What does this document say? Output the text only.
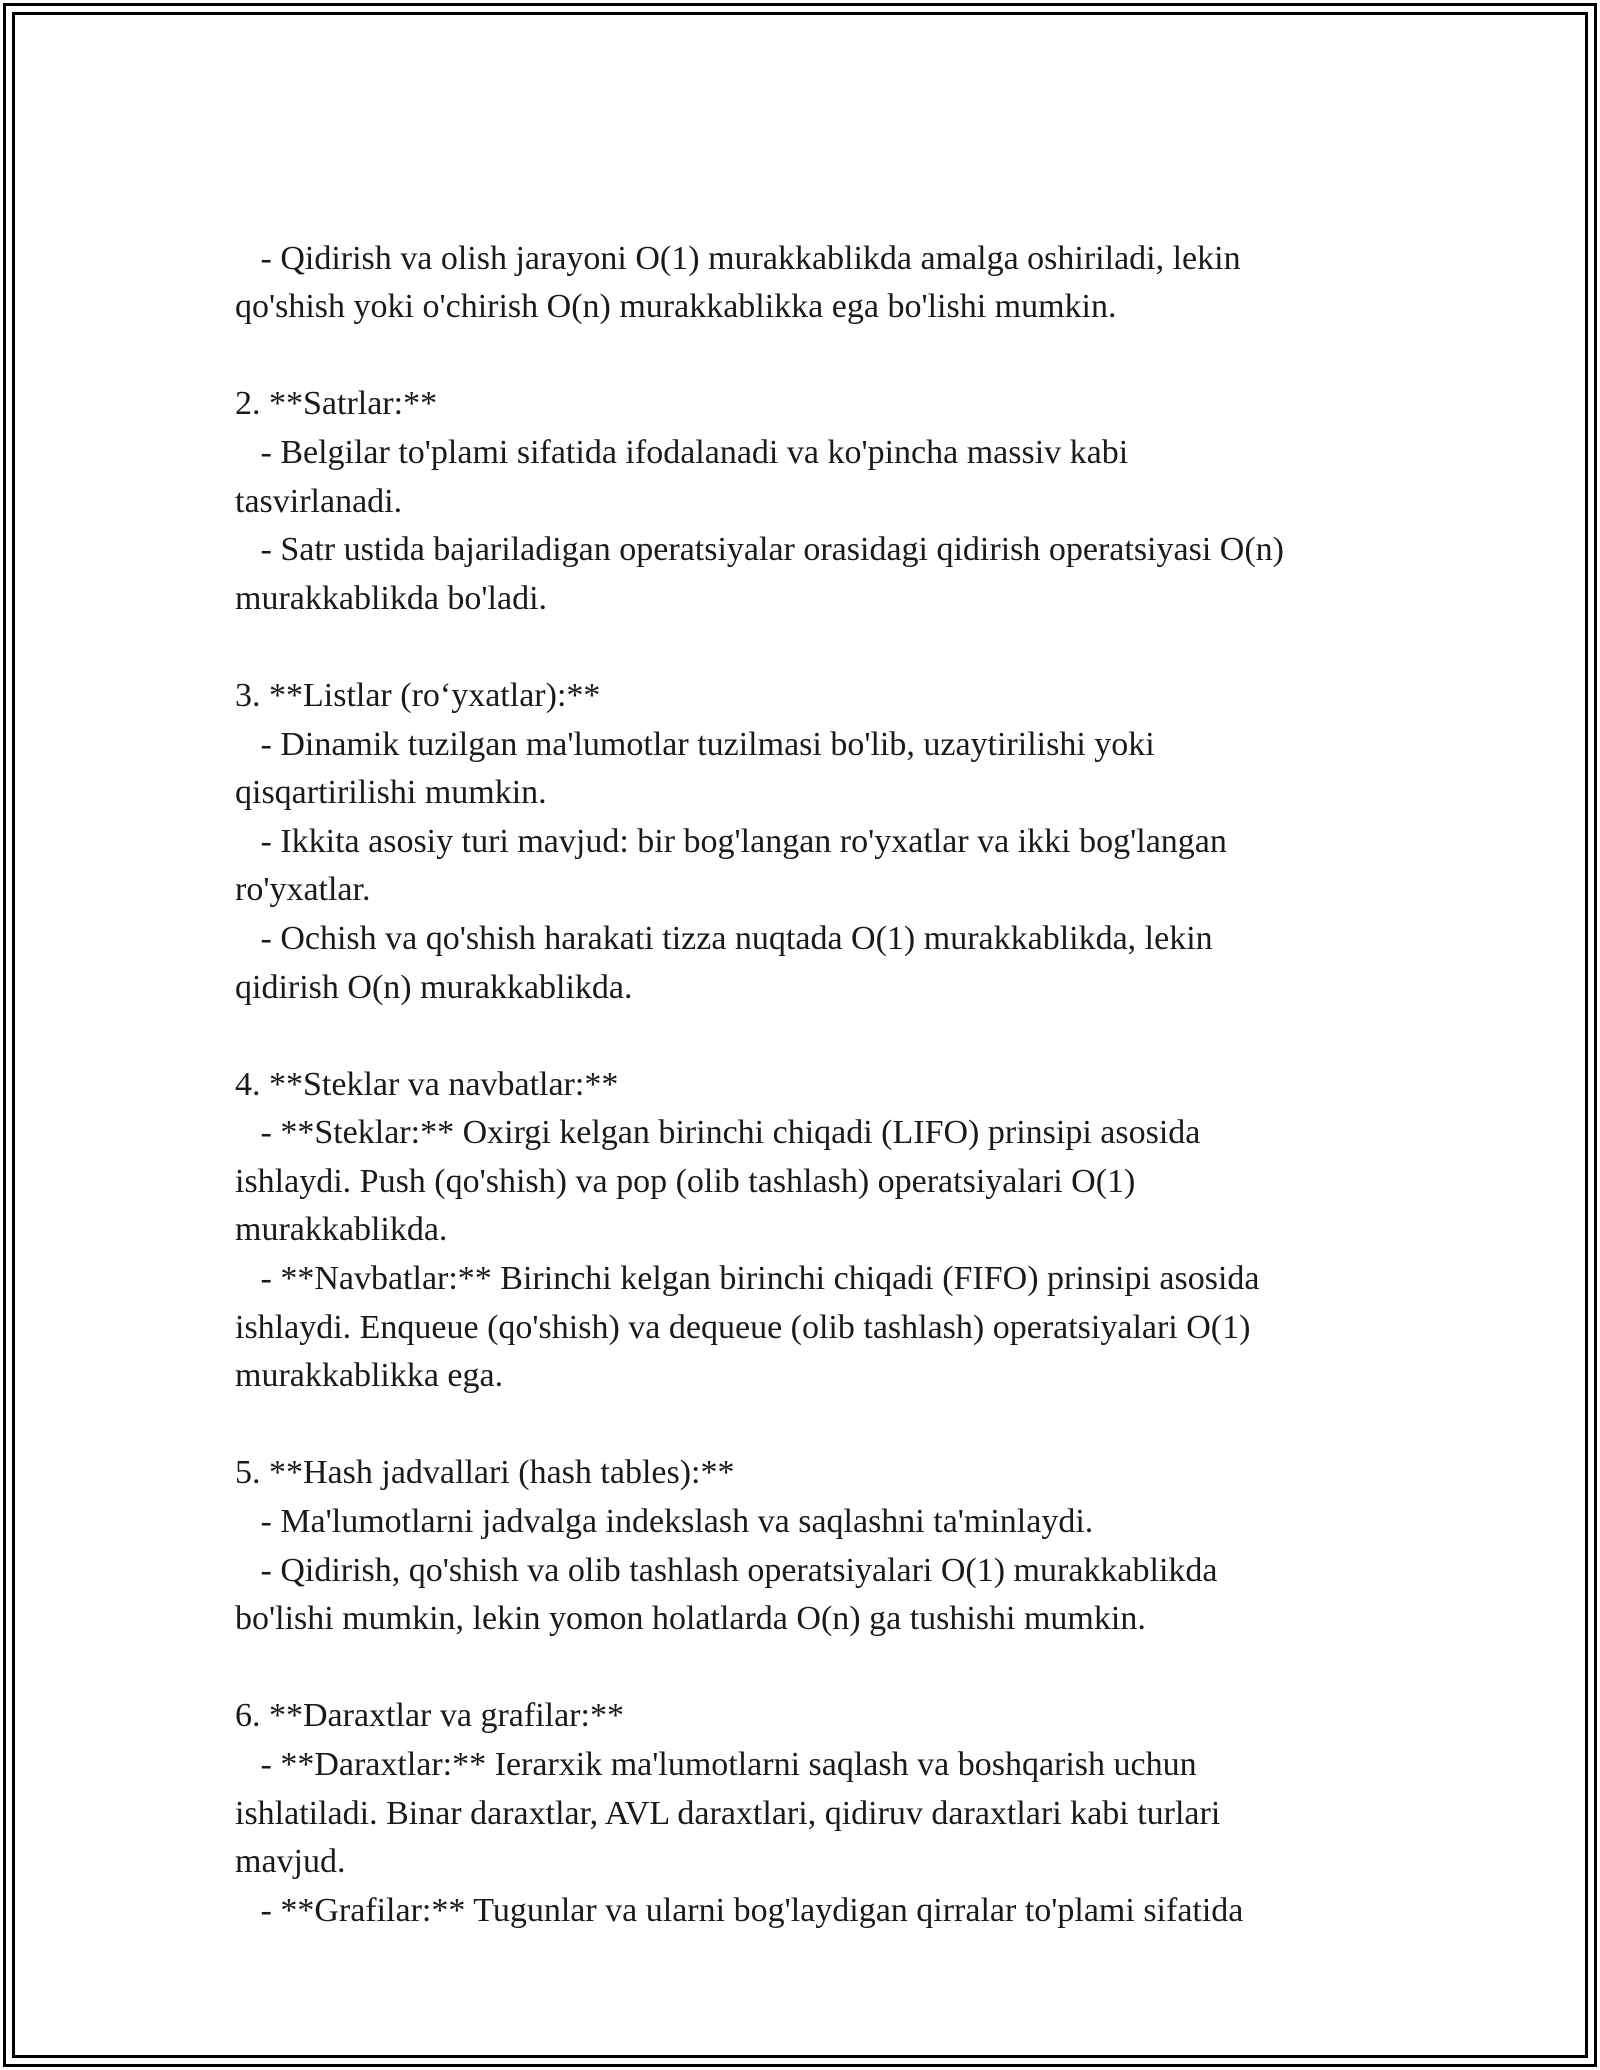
- Qidirish va olish jarayoni O(1) murakkablikda amalga oshiriladi, lekin
qo'shish yoki o'chirish O(n) murakkablikka ega bo'lishi mumkin.

2. **Satrlar:**
- Belgilar to'plami sifatida ifodalanadi va ko'pincha massiv kabi
tasvirlanadi.
- Satr ustida bajariladigan operatsiyalar orasidagi qidirish operatsiyasi O(n)
murakkablikda bo'ladi.

3. **Listlar (ro‘yxatlar):**
- Dinamik tuzilgan ma'lumotlar tuzilmasi bo'lib, uzaytirilishi yoki
qisqartirilishi mumkin.
- Ikkita asosiy turi mavjud: bir bog'langan ro'yxatlar va ikki bog'langan
ro'yxatlar.
- Ochish va qo'shish harakati tizza nuqtada O(1) murakkablikda, lekin
qidirish O(n) murakkablikda.

4. **Steklar va navbatlar:**
- **Steklar:** Oxirgi kelgan birinchi chiqadi (LIFO) prinsipi asosida
ishlaydi. Push (qo'shish) va pop (olib tashlash) operatsiyalari O(1)
murakkablikda.
- **Navbatlar:** Birinchi kelgan birinchi chiqadi (FIFO) prinsipi asosida
ishlaydi. Enqueue (qo'shish) va dequeue (olib tashlash) operatsiyalari O(1)
murakkablikka ega.

5. **Hash jadvallari (hash tables):**
- Ma'lumotlarni jadvalga indekslash va saqlashni ta'minlaydi.
- Qidirish, qo'shish va olib tashlash operatsiyalari O(1) murakkablikda
bo'lishi mumkin, lekin yomon holatlarda O(n) ga tushishi mumkin.

6. **Daraxtlar va grafilar:**
- **Daraxtlar:** Ierarxik ma'lumotlarni saqlash va boshqarish uchun
ishlatiladi. Binar daraxtlar, AVL daraxtlari, qidiruv daraxtlari kabi turlari
mavjud.
- **Grafilar:** Tugunlar va ularni bog'laydigan qirralar to'plami sifatida
